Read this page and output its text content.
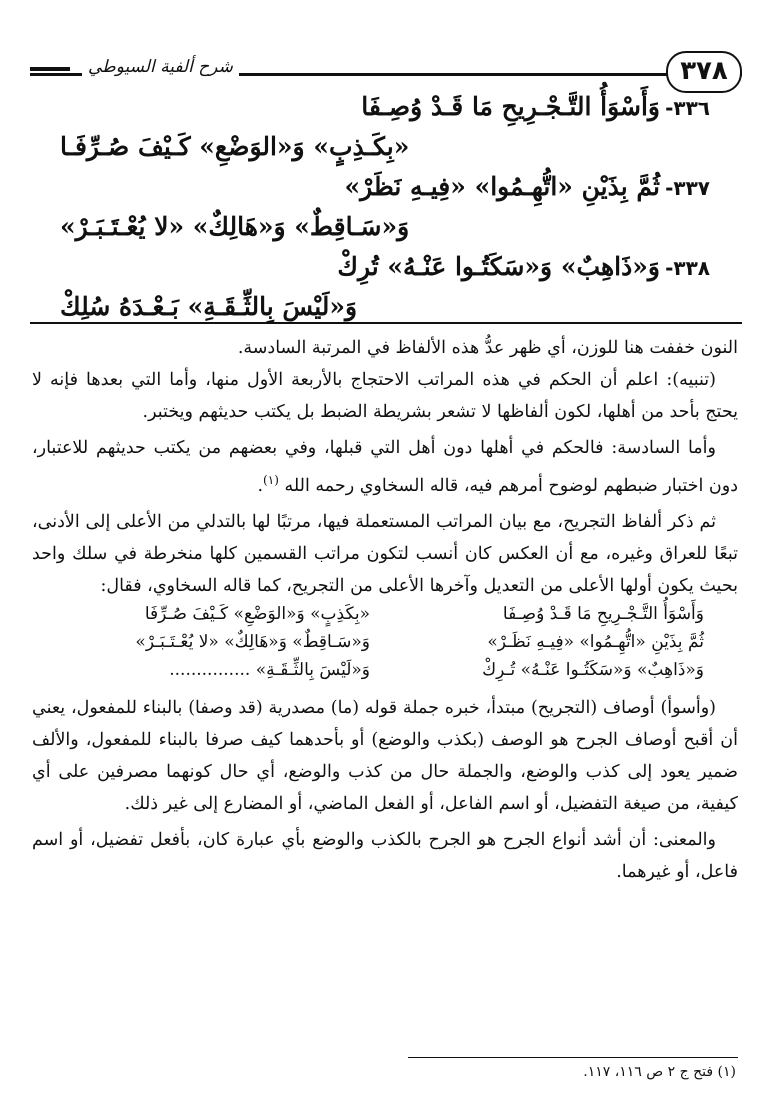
٣٧٨
شرح ألفية السيوطي
٣٣٦- وَأَسْوَأُ التَّـجْـرِيحِ مَا قَـدْ وُصِـفَا
«بِكَـذِبٍ» وَ«الوَضْعِ» كَـيْفَ صُـرِّفَـا
٣٣٧- ثُمَّ بِذَيْنِ «اتُّهِـمُوا» «فِيـهِ نَظَرْ»
وَ«سَـاقِطٌ» وَ«هَالِكٌ» «لا يُعْـتَـبَـرْ»
٣٣٨- وَ«ذَاهِبٌ» وَ«سَكَتُـوا عَنْـهُ» تُرِكْ
وَ«لَيْسَ بِالثِّـقَـةِ» بَـعْـدَهُ سُلِكْ

النون خففت هنا للوزن، أي ظهر عدُّ هذه الألفاظ في المرتبة السادسة.

(تنبيه): اعلم أن الحكم في هذه المراتب الاحتجاج بالأربعة الأول منها، وأما التي بعدها فإنه لا يحتج بأحد من أهلها، لكون ألفاظها لا تشعر بشريطة الضبط بل يكتب حديثهم ويختبر.

وأما السادسة: فالحكم في أهلها دون أهل التي قبلها، وفي بعضهم من يكتب حديثهم للاعتبار، دون اختبار ضبطهم لوضوح أمرهم فيه، قاله السخاوي رحمه الله $^{(١)}$.

ثم ذكر ألفاظ التجريح، مع بيان المراتب المستعملة فيها، مرتبًا لها بالتدلي من الأعلى إلى الأدنى، تبعًا للعراق وغيره، مع أن العكس كان أنسب لتكون مراتب القسمين كلها منخرطة في سلك واحد بحيث يكون أولها الأعلى من التعديل وآخرها الأعلى من التجريح، كما قاله السخاوي، فقال:

وَأَسْوَأُ التَّـجْـرِيحِ مَا قَـدْ وُصِـفَا
«بِكَذِبٍ» وَ«الوَضْعِ» كَـيْفَ صُـرِّفَا
ثُمَّ بِذَيْنِ «اتُّهِـمُوا» «فِيـهِ نَظَـرْ»
وَ«سَـاقِطٌ» وَ«هَالِكٌ» «لا يُعْـتَـبَـرْ»
وَ«ذَاهِبٌ» وَ«سَكَتُـوا عَنْـهُ» تُـرِكْ
وَ«لَيْسَ بِالثِّـقَـةِ» ...............

(وأسوأ) أوصاف (التجريح) مبتدأ، خبره جملة قوله (ما) مصدرية (قد وصفا) بالبناء للمفعول، يعني أن أقبح أوصاف الجرح هو الوصف (بكذب والوضع) أو بأحدهما كيف صرفا بالبناء للمفعول، والألف ضمير يعود إلى كذب والوضع، والجملة حال من كذب والوضع، أي حال كونهما مصرفين على أي كيفية، من صيغة التفضيل، أو اسم الفاعل، أو الفعل الماضي، أو المضارع إلى غير ذلك.

والمعنى: أن أشد أنواع الجرح هو الجرح بالكذب والوضع بأي عبارة كان، بأفعل تفضيل، أو اسم فاعل، أو غيرهما.

(١) فتح ج ٢ ص ١١٦، ١١٧.
